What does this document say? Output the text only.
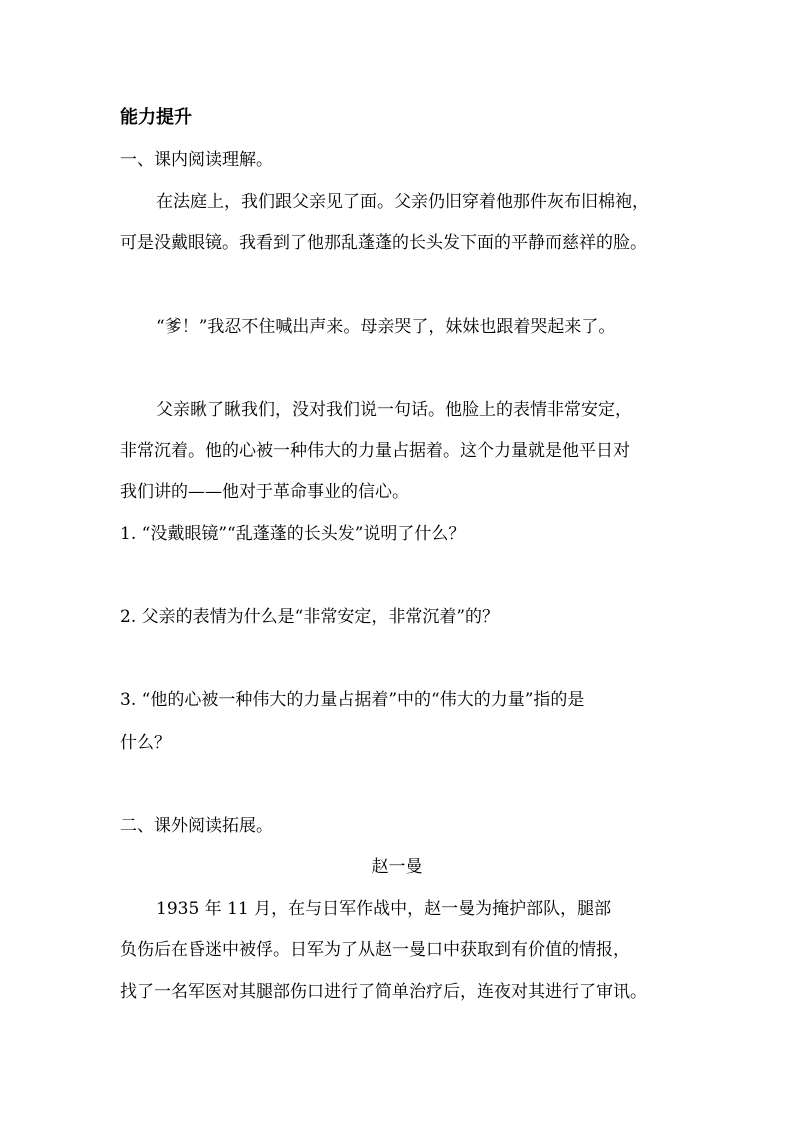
能力提升
一、课内阅读理解。
在法庭上，我们跟父亲见了面。父亲仍旧穿着他那件灰布旧棉袍，
可是没戴眼镜。我看到了他那乱蓬蓬的长头发下面的平静而慈祥的脸。
“爹！”我忍不住喊出声来。母亲哭了，妹妹也跟着哭起来了。
父亲瞅了瞅我们，没对我们说一句话。他脸上的表情非常安定，
非常沉着。他的心被一种伟大的力量占据着。这个力量就是他平日对
我们讲的——他对于革命事业的信心。
1. “没戴眼镜”“乱蓬蓬的长头发”说明了什么？
2. 父亲的表情为什么是“非常安定，非常沉着”的？
3. “他的心被一种伟大的力量占据着”中的“伟大的力量”指的是
什么？
二、课外阅读拓展。
赵一曼
1935 年 11 月，在与日军作战中，赵一曼为掩护部队，腿部
负伤后在昏迷中被俘。日军为了从赵一曼口中获取到有价值的情报，
找了一名军医对其腿部伤口进行了简单治疗后，连夜对其进行了审讯。
